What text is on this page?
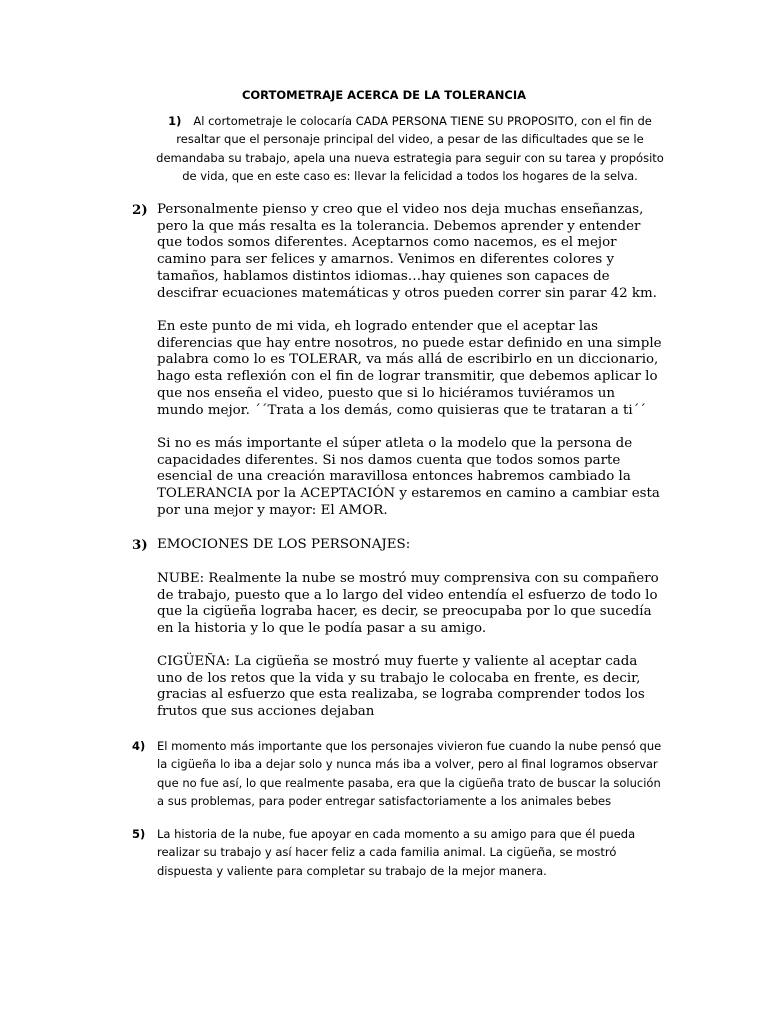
CORTOMETRAJE ACERCA DE LA TOLERANCIA

1) Al cortometraje le colocaría CADA PERSONA TIENE SU PROPOSITO, con el fin de resaltar que el personaje principal del video, a pesar de las dificultades que se le demandaba su trabajo, apela una nueva estrategia para seguir con su tarea y propósito de vida, que en este caso es: llevar la felicidad a todos los hogares de la selva.

2) Personalmente pienso y creo que el video nos deja muchas enseñanzas, pero la que más resalta es la tolerancia. Debemos aprender y entender que todos somos diferentes. Aceptarnos como nacemos, es el mejor camino para ser felices y amarnos. Venimos en diferentes colores y tamaños, hablamos distintos idiomas…hay quienes son capaces de descifrar ecuaciones matemáticas y otros pueden correr sin parar 42 km.

En este punto de mi vida, eh logrado entender que el aceptar las diferencias que hay entre nosotros, no puede estar definido en una simple palabra como lo es TOLERAR, va más allá de escribirlo en un diccionario, hago esta reflexión con el fin de lograr transmitir, que debemos aplicar lo que nos enseña el video, puesto que si lo hiciéramos tuviéramos un mundo mejor. ´´Trata a los demás, como quisieras que te trataran a ti´´

Si no es más importante el súper atleta o la modelo que la persona de capacidades diferentes. Si nos damos cuenta que todos somos parte esencial de una creación maravillosa entonces habremos cambiado la TOLERANCIA por la ACEPTACIÓN y estaremos en camino a cambiar esta por una mejor y mayor: El AMOR.

3) EMOCIONES DE LOS PERSONAJES:

NUBE: Realmente la nube se mostró muy comprensiva con su compañero de trabajo, puesto que a lo largo del video entendía el esfuerzo de todo lo que la cigüeña lograba hacer, es decir, se preocupaba por lo que sucedía en la historia y lo que le podía pasar a su amigo.

CIGÜEÑA: La cigüeña se mostró muy fuerte y valiente al aceptar cada uno de los retos que la vida y su trabajo le colocaba en frente, es decir, gracias al esfuerzo que esta realizaba, se lograba comprender todos los frutos que sus acciones dejaban

4) El momento más importante que los personajes vivieron fue cuando la nube pensó que la cigüeña lo iba a dejar solo y nunca más iba a volver, pero al final logramos observar que no fue así, lo que realmente pasaba, era que la cigüeña trato de buscar la solución a sus problemas, para poder entregar satisfactoriamente a los animales bebes

5) La historia de la nube, fue apoyar en cada momento a su amigo para que él pueda realizar su trabajo y así hacer feliz a cada familia animal. La cigüeña, se mostró dispuesta y valiente para completar su trabajo de la mejor manera.
